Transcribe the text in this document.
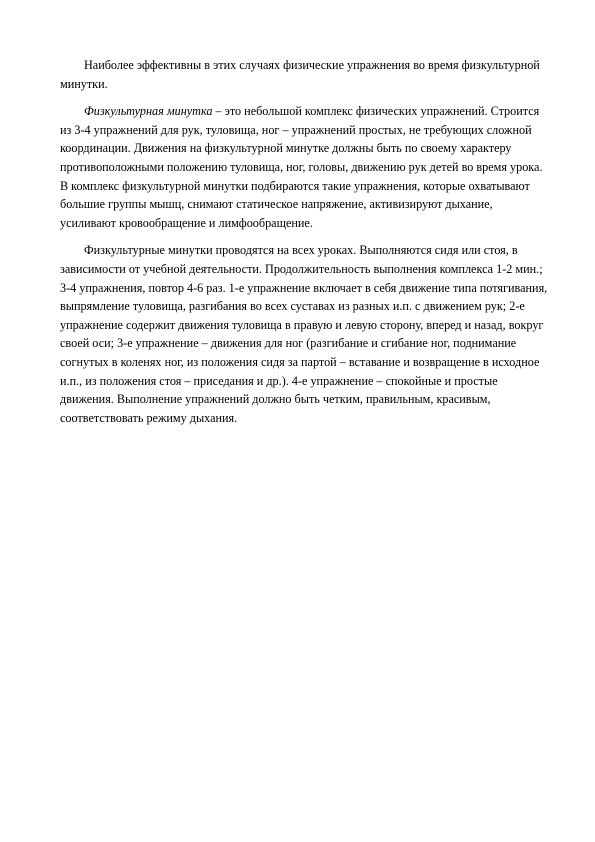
Наиболее эффективны в этих случаях физические упражнения во время физкультурной минутки.

Физкультурная минутка – это небольшой комплекс физических упражнений. Строится из 3-4 упражнений для рук, туловища, ног – упражнений простых, не требующих сложной координации. Движения на физкультурной минутке должны быть по своему характеру противоположными положению туловища, ног, головы, движению рук детей во время урока. В комплекс физкультурной минутки подбираются такие упражнения, которые охватывают большие группы мышц, снимают статическое напряжение, активизируют дыхание, усиливают кровообращение и лимфообращение.

Физкультурные минутки проводятся на всех уроках. Выполняются сидя или стоя, в зависимости от учебной деятельности. Продолжительность выполнения комплекса 1-2 мин.; 3-4 упражнения, повтор 4-6 раз. 1-е упражнение включает в себя движение типа потягивания, выпрямление туловища, разгибания во всех суставах из разных и.п. с движением рук; 2-е упражнение содержит движения туловища в правую и левую сторону, вперед и назад, вокруг своей оси; 3-е упражнение – движения для ног (разгибание и сгибание ног, поднимание согнутых в коленях ног, из положения сидя за партой – вставание и возвращение в исходное и.п., из положения стоя – приседания и др.). 4-е упражнение – спокойные и простые движения. Выполнение упражнений должно быть четким, правильным, красивым, соответствовать режиму дыхания.
